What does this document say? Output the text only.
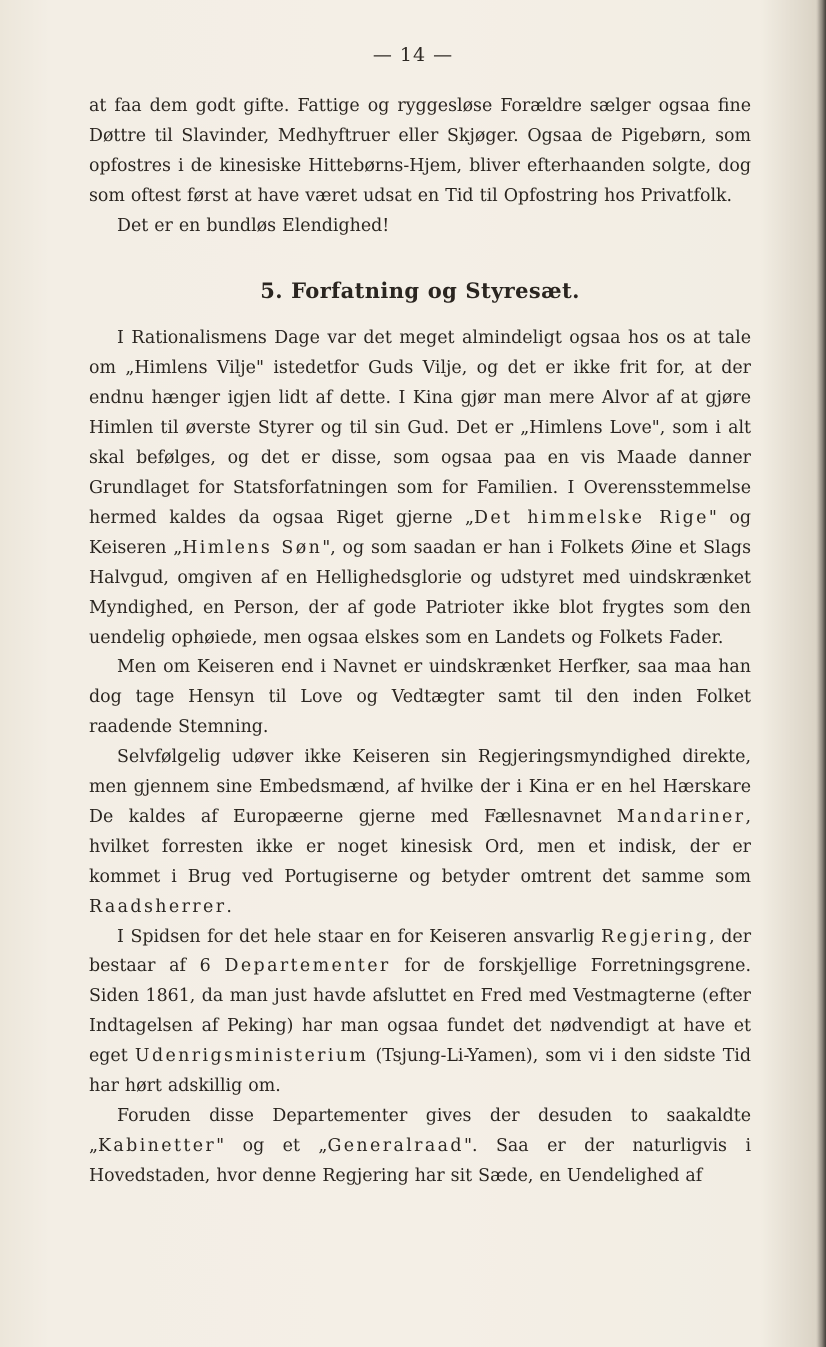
— 14 —

at faa dem godt gifte. Fattige og ryggesløse Forældre sælger ogsaa fine Døttre til Slavinder, Medhyftruer eller Skjøger. Ogsaa de Pigebørn, som opfostres i de kinesiske Hittebørns-Hjem, bliver efterhaanden solgte, dog som oftest først at have været udsat en Tid til Opfostring hos Privatfolk.

Det er en bundløs Elendighed!

5. Forfatning og Styresæt.

I Rationalismens Dage var det meget almindeligt ogsaa hos os at tale om „Himlens Vilje" istedetfor Guds Vilje, og det er ikke frit for, at der endnu hænger igjen lidt af dette. I Kina gjør man mere Alvor af at gjøre Himlen til øverste Styrer og til sin Gud. Det er „Himlens Love", som i alt skal befølges, og det er disse, som ogsaa paa en vis Maade danner Grundlaget for Statsforfatningen som for Familien. I Overensstemmelse hermed kaldes da ogsaa Riget gjerne „Det himmelske Rige" og Keiseren „Himlens Søn", og som saadan er han i Folkets Øine et Slags Halvgud, omgiven af en Hellighedsglorie og udstyret med uindskrænket Myndighed, en Person, der af gode Patrioter ikke blot frygtes som den uendelig ophøiede, men ogsaa elskes som en Landets og Folkets Fader.

Men om Keiseren end i Navnet er uindskrænket Herfker, saa maa han dog tage Hensyn til Love og Vedtægter samt til den inden Folket raadende Stemning.

Selvfølgelig udøver ikke Keiseren sin Regjeringsmyndighed direkte, men gjennem sine Embedsmænd, af hvilke der i Kina er en hel Hærskare De kaldes af Europæerne gjerne med Fællesnavnet Mandariner, hvilket forresten ikke er noget kinesisk Ord, men et indisk, der er kommet i Brug ved Portugiserne og betyder omtrent det samme som Raadsherrer.

I Spidsen for det hele staar en for Keiseren ansvarlig Regjering, der bestaar af 6 Departementer for de forskjellige Forretningsgrene. Siden 1861, da man just havde afsluttet en Fred med Vestmagterne (efter Indtagelsen af Peking) har man ogsaa fundet det nødvendigt at have et eget Udenrigsministerium (Tsjung-Li-Yamen), som vi i den sidste Tid har hørt adskillig om.

Foruden disse Departementer gives der desuden to saakaldte „Kabinetter" og et „Generalraad". Saa er der naturligvis i Hovedstaden, hvor denne Regjering har sit Sæde, en Uendelighed af
